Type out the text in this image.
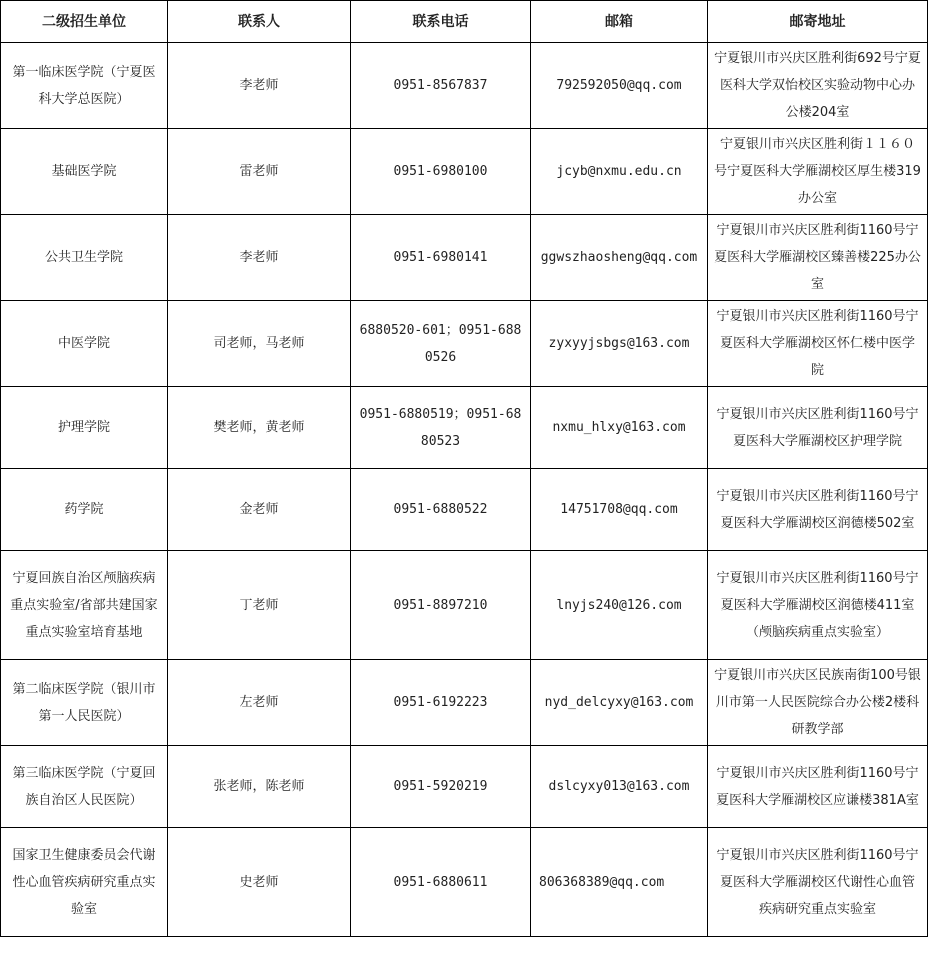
二级招生单位	联系人	联系电话	邮箱	邮寄地址
第一临床医学院（宁夏医科大学总医院）	李老师	0951-8567837	792592050@qq.com	宁夏银川市兴庆区胜利街692号宁夏医科大学双怡校区实验动物中心办公楼204室
基础医学院	雷老师	0951-6980100	jcyb@nxmu.edu.cn	宁夏银川市兴庆区胜利街１１６０号宁夏医科大学雁湖校区厚生楼319办公室
公共卫生学院	李老师	0951-6980141	ggwszhaosheng@qq.com	宁夏银川市兴庆区胜利街1160号宁夏医科大学雁湖校区臻善楼225办公室
中医学院	司老师，马老师	6880520-601；0951-6880526	zyxyyjsbgs@163.com	宁夏银川市兴庆区胜利街1160号宁夏医科大学雁湖校区怀仁楼中医学院
护理学院	樊老师，黄老师	0951-6880519；0951-6880523	nxmu_hlxy@163.com	宁夏银川市兴庆区胜利街1160号宁夏医科大学雁湖校区护理学院
药学院	金老师	0951-6880522	14751708@qq.com	宁夏银川市兴庆区胜利街1160号宁夏医科大学雁湖校区润德楼502室
宁夏回族自治区颅脑疾病重点实验室/省部共建国家重点实验室培育基地	丁老师	0951-8897210	lnyjs240@126.com	宁夏银川市兴庆区胜利街1160号宁夏医科大学雁湖校区润德楼411室（颅脑疾病重点实验室）
第二临床医学院（银川市第一人民医院）	左老师	0951-6192223	nyd_delcyxy@163.com	宁夏银川市兴庆区民族南街100号银川市第一人民医院综合办公楼2楼科研教学部
第三临床医学院（宁夏回族自治区人民医院）	张老师，陈老师	0951-5920219	dslcyxy013@163.com	宁夏银川市兴庆区胜利街1160号宁夏医科大学雁湖校区应谦楼381A室
国家卫生健康委员会代谢性心血管疾病研究重点实验室	史老师	0951-6880611	806368389@qq.com	宁夏银川市兴庆区胜利街1160号宁夏医科大学雁湖校区代谢性心血管疾病研究重点实验室
